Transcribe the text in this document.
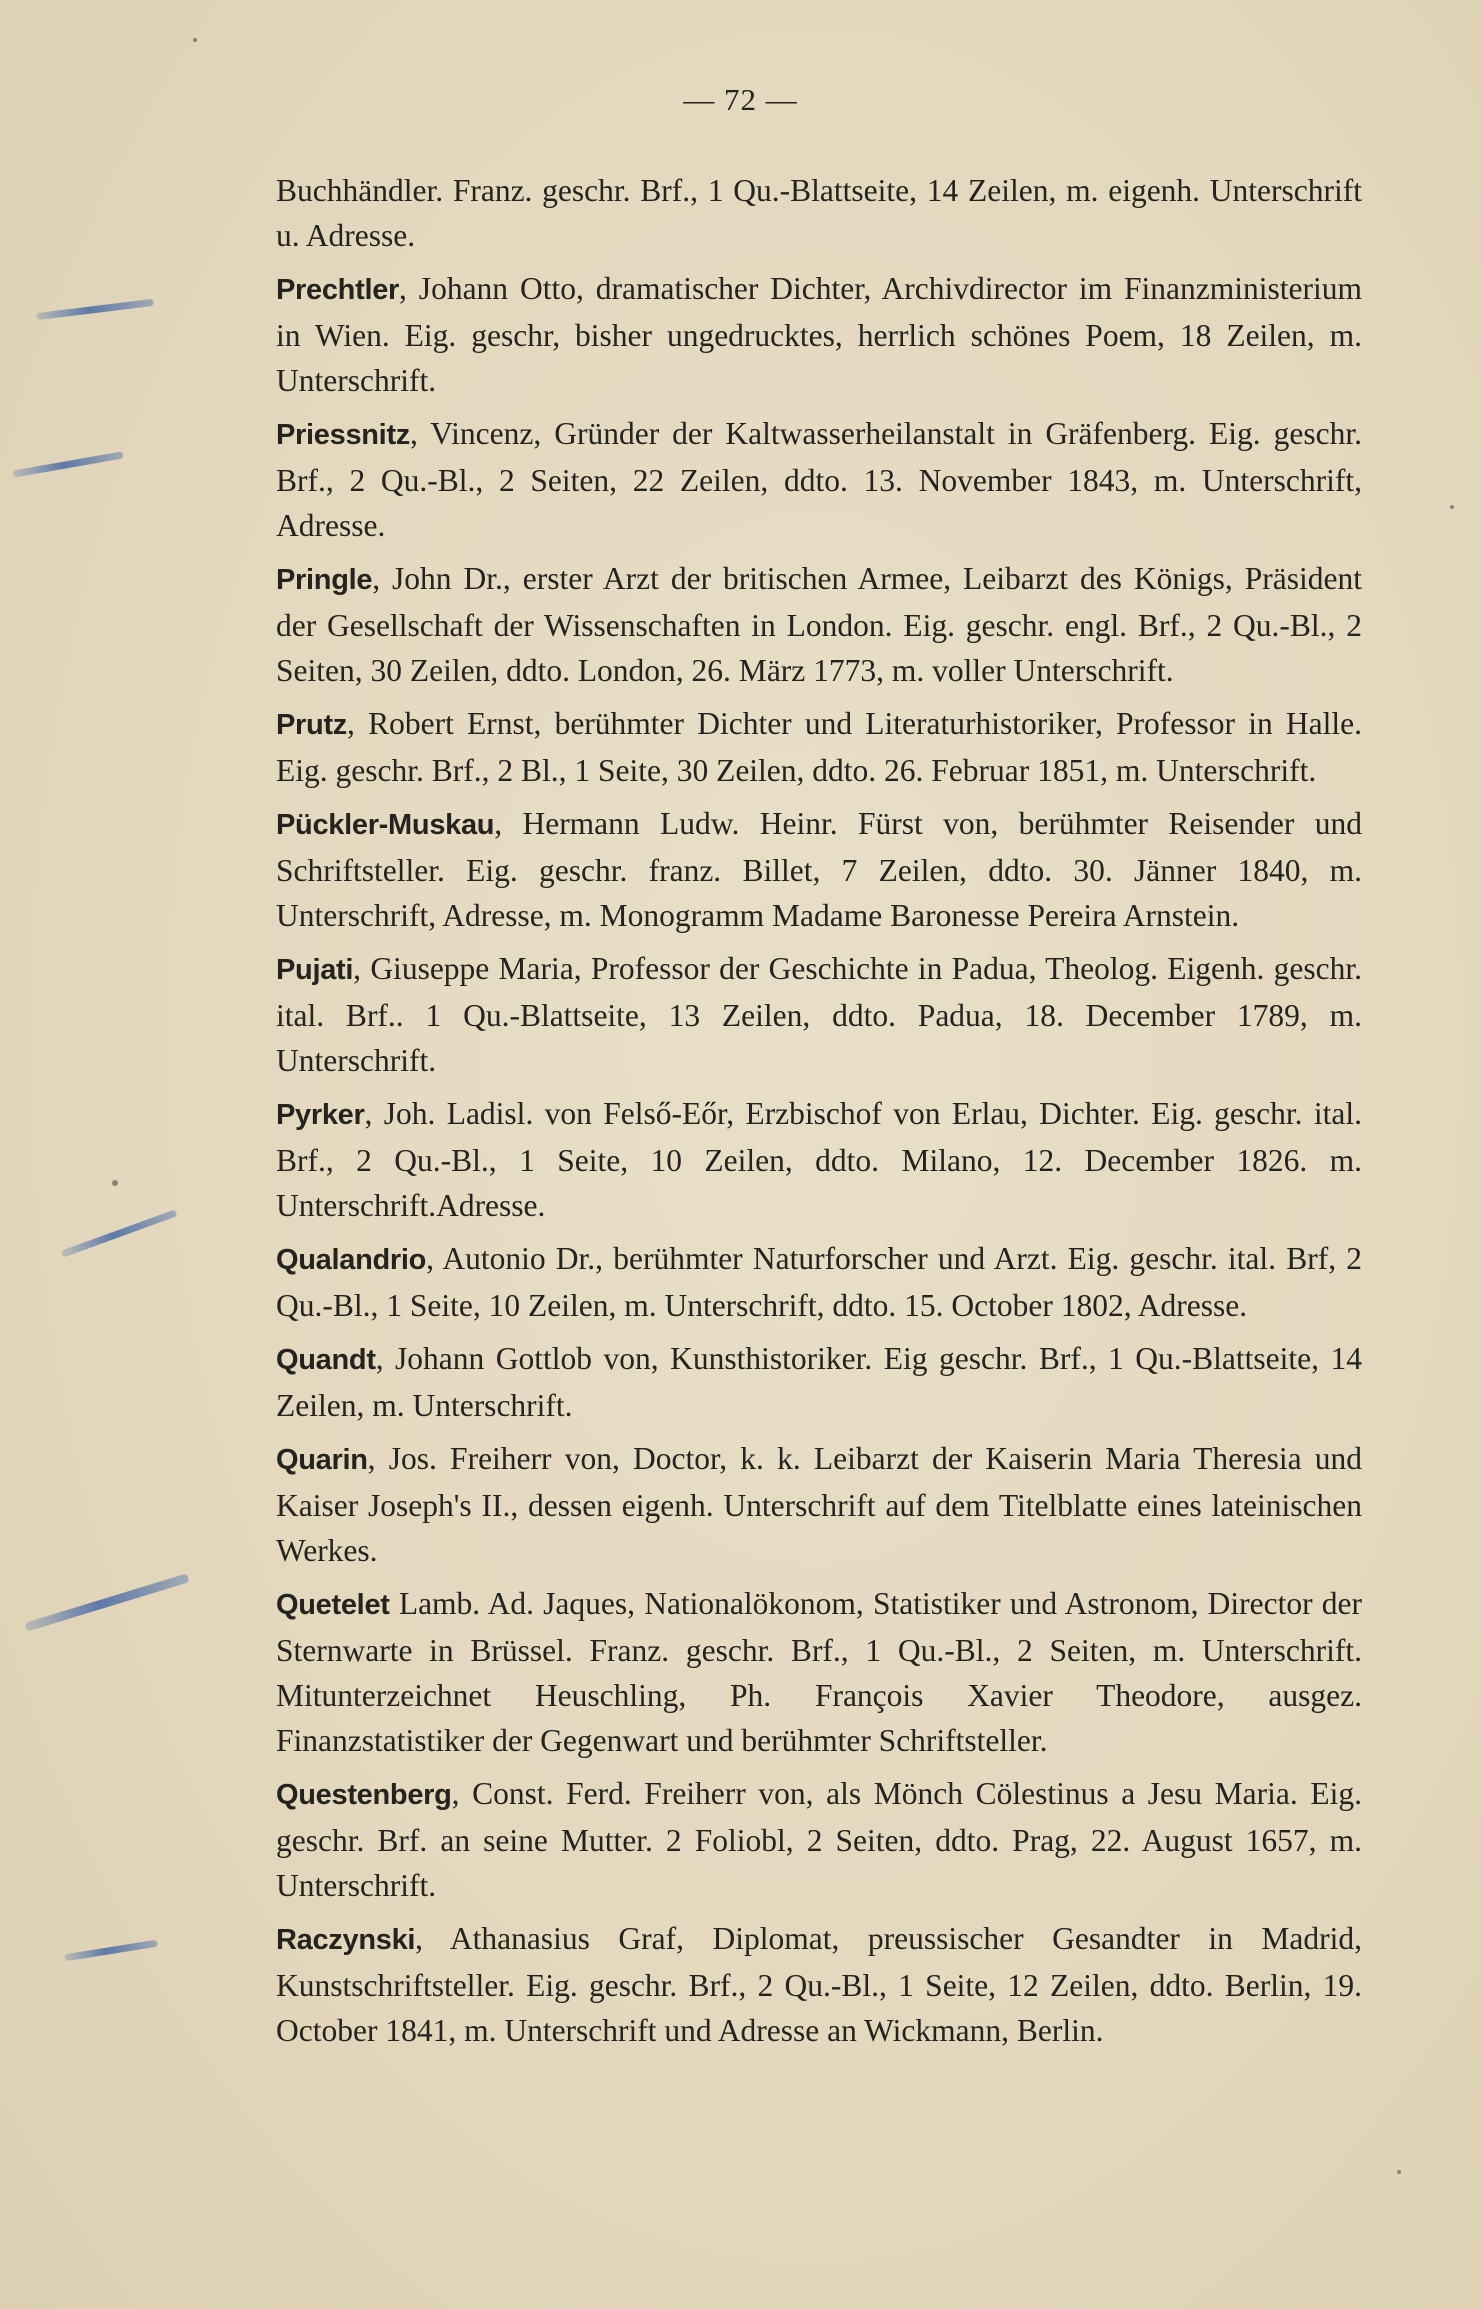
— 72 —
Buchhändler. Franz. geschr. Brf., 1 Qu.-Blattseite, 14 Zeilen, m. eigenh. Unterschrift u. Adresse.
Prechtler, Johann Otto, dramatischer Dichter, Archivdirector im Finanzministerium in Wien. Eig. geschr, bisher ungedrucktes, herrlich schönes Poem, 18 Zeilen, m. Unterschrift.
Priessnitz, Vincenz, Gründer der Kaltwasserheilanstalt in Gräfenberg. Eig. geschr. Brf., 2 Qu.-Bl., 2 Seiten, 22 Zeilen, ddto. 13. November 1843, m. Unterschrift, Adresse.
Pringle, John Dr., erster Arzt der britischen Armee, Leibarzt des Königs, Präsident der Gesellschaft der Wissenschaften in London. Eig. geschr. engl. Brf., 2 Qu.-Bl., 2 Seiten, 30 Zeilen, ddto. London, 26. März 1773, m. voller Unterschrift.
Prutz, Robert Ernst, berühmter Dichter und Literaturhistoriker, Professor in Halle. Eig. geschr. Brf., 2 Bl., 1 Seite, 30 Zeilen, ddto. 26. Februar 1851, m. Unterschrift.
Pückler-Muskau, Hermann Ludw. Heinr. Fürst von, berühmter Reisender und Schriftsteller. Eig. geschr. franz. Billet, 7 Zeilen, ddto. 30. Jänner 1840, m. Unterschrift, Adresse, m. Monogramm Madame Baronesse Pereira Arnstein.
Pujati, Giuseppe Maria, Professor der Geschichte in Padua, Theolog. Eigenh. geschr. ital. Brf.. 1 Qu.-Blattseite, 13 Zeilen, ddto. Padua, 18. December 1789, m. Unterschrift.
Pyrker, Joh. Ladisl. von Felső-Eőr, Erzbischof von Erlau, Dichter. Eig. geschr. ital. Brf., 2 Qu.-Bl., 1 Seite, 10 Zeilen, ddto. Milano, 12. December 1826. m. Unterschrift.Adresse.
Qualandrio, Autonio Dr., berühmter Naturforscher und Arzt. Eig. geschr. ital. Brf, 2 Qu.-Bl., 1 Seite, 10 Zeilen, m. Unterschrift, ddto. 15. October 1802, Adresse.
Quandt, Johann Gottlob von, Kunsthistoriker. Eig geschr. Brf., 1 Qu.-Blattseite, 14 Zeilen, m. Unterschrift.
Quarin, Jos. Freiherr von, Doctor, k. k. Leibarzt der Kaiserin Maria Theresia und Kaiser Joseph's II., dessen eigenh. Unterschrift auf dem Titelblatte eines lateinischen Werkes.
Quetelet Lamb. Ad. Jaques, Nationalökonom, Statistiker und Astronom, Director der Sternwarte in Brüssel. Franz. geschr. Brf., 1 Qu.-Bl., 2 Seiten, m. Unterschrift. Mitunterzeichnet Heuschling, Ph. François Xavier Theodore, ausgez. Finanzstatistiker der Gegenwart und berühmter Schriftsteller.
Questenberg, Const. Ferd. Freiherr von, als Mönch Cölestinus a Jesu Maria. Eig. geschr. Brf. an seine Mutter. 2 Foliobl, 2 Seiten, ddto. Prag, 22. August 1657, m. Unterschrift.
Raczynski, Athanasius Graf, Diplomat, preussischer Gesandter in Madrid, Kunstschriftsteller. Eig. geschr. Brf., 2 Qu.-Bl., 1 Seite, 12 Zeilen, ddto. Berlin, 19. October 1841, m. Unterschrift und Adresse an Wickmann, Berlin.
